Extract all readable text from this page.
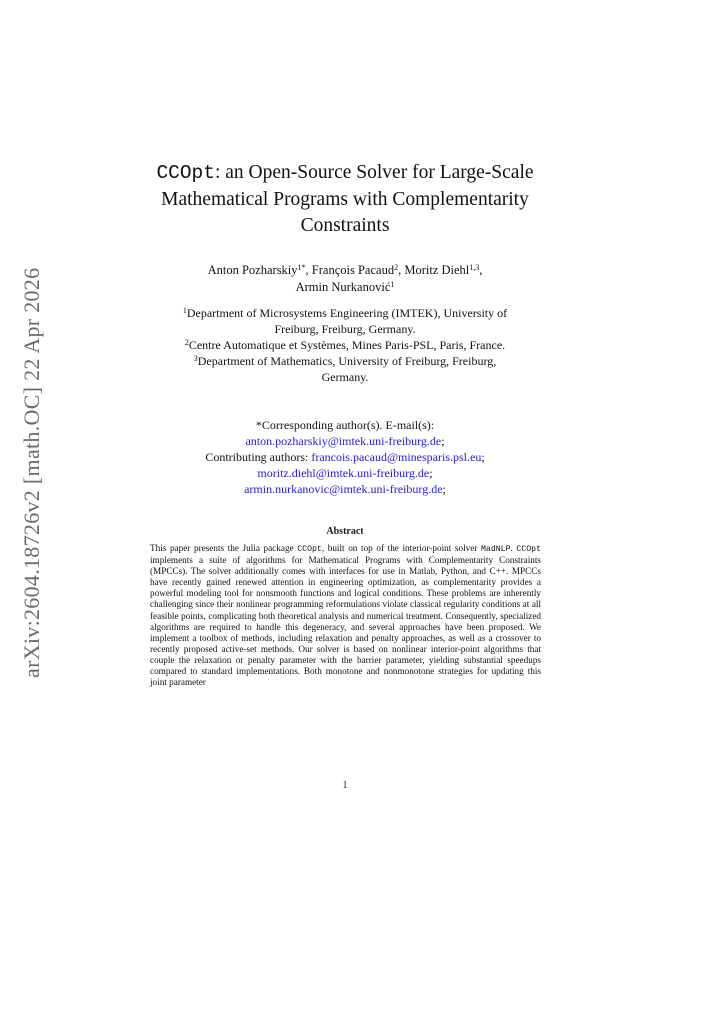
arXiv:2604.18726v2 [math.OC] 22 Apr 2026
CCOpt: an Open-Source Solver for Large-Scale
Mathematical Programs with Complementarity
Constraints
Anton Pozharskiy$^{1*}$, François Pacaud$^2$, Moritz Diehl$^{1,3}$,
Armin Nurkanović$^1$
$^1$Department of Microsystems Engineering (IMTEK), University of
Freiburg, Freiburg, Germany.
$^2$Centre Automatique et Systèmes, Mines Paris-PSL, Paris, France.
$^3$Department of Mathematics, University of Freiburg, Freiburg,
Germany.
*Corresponding author(s). E-mail(s):
anton.pozharskiy@imtek.uni-freiburg.de;
Contributing authors: francois.pacaud@minesparis.psl.eu;
moritz.diehl@imtek.uni-freiburg.de;
armin.nurkanovic@imtek.uni-freiburg.de;
Abstract
This paper presents the Julia package CCOpt, built on top of the interior-point solver MadNLP. CCOpt implements a suite of algorithms for Mathematical Programs with Complementarity Constraints (MPCCs). The solver additionally comes with interfaces for use in Matlab, Python, and C++. MPCCs have recently gained renewed attention in engineering optimization, as complementarity provides a powerful modeling tool for nonsmooth functions and logical conditions. These problems are inherently challenging since their nonlinear programming reformulations violate classical regularity conditions at all feasible points, complicating both theoretical analysis and numerical treatment. Consequently, specialized algorithms are required to handle this degeneracy, and several approaches have been proposed. We implement a toolbox of methods, including relaxation and penalty approaches, as well as a crossover to recently proposed active-set methods. Our solver is based on nonlinear interior-point algorithms that couple the relaxation or penalty parameter with the barrier parameter, yielding substantial speedups compared to standard implementations. Both monotone and nonmonotone strategies for updating this joint parameter
1
